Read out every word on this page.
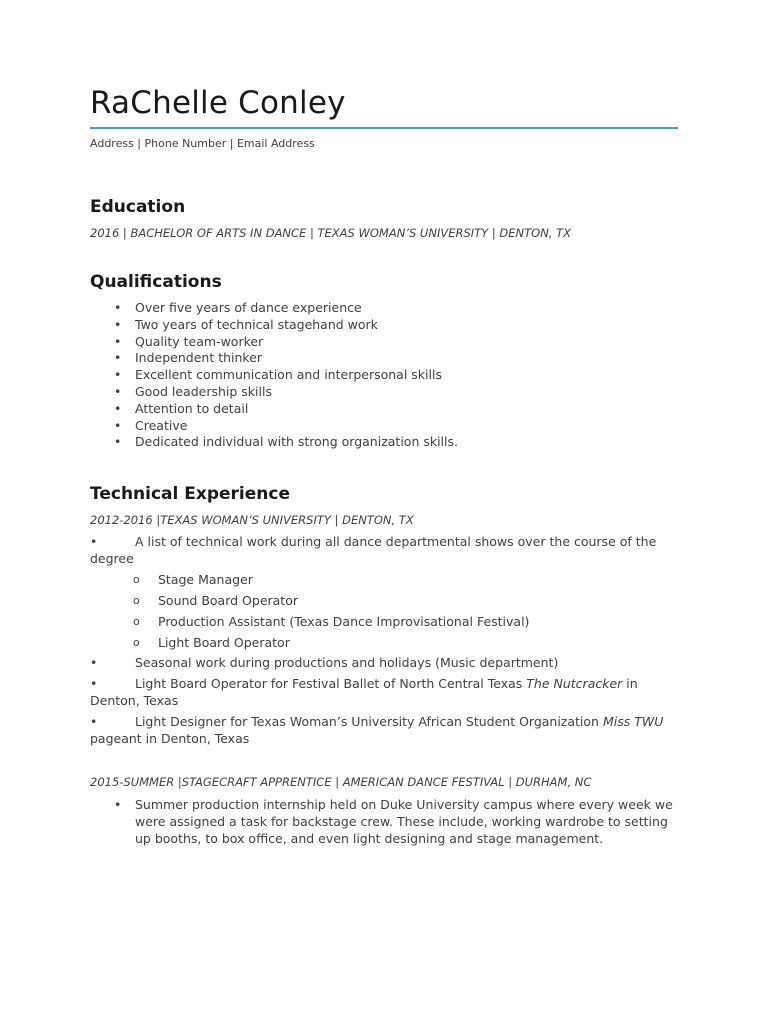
RaChelle Conley
Address | Phone Number | Email Address
Education
2016 | BACHELOR OF ARTS IN DANCE | TEXAS WOMAN’S UNIVERSITY | DENTON, TX
Qualifications
• Over five years of dance experience
• Two years of technical stagehand work
• Quality team-worker
• Independent thinker
• Excellent communication and interpersonal skills
• Good leadership skills
• Attention to detail
• Creative
• Dedicated individual with strong organization skills.
Technical Experience
2012-2016 |TEXAS WOMAN’S UNIVERSITY | DENTON, TX
•	A list of technical work during all dance departmental shows over the course of the
degree
o Stage Manager
o Sound Board Operator
o Production Assistant (Texas Dance Improvisational Festival)
o Light Board Operator
•	Seasonal work during productions and holidays (Music department)
•	Light Board Operator for Festival Ballet of North Central Texas The Nutcracker in
Denton, Texas
•	Light Designer for Texas Woman’s University African Student Organization Miss TWU
pageant in Denton, Texas
2015-SUMMER |STAGECRAFT APPRENTICE | AMERICAN DANCE FESTIVAL | DURHAM, NC
• Summer production internship held on Duke University campus where every week we
were assigned a task for backstage crew. These include, working wardrobe to setting
up booths, to box office, and even light designing and stage management.
